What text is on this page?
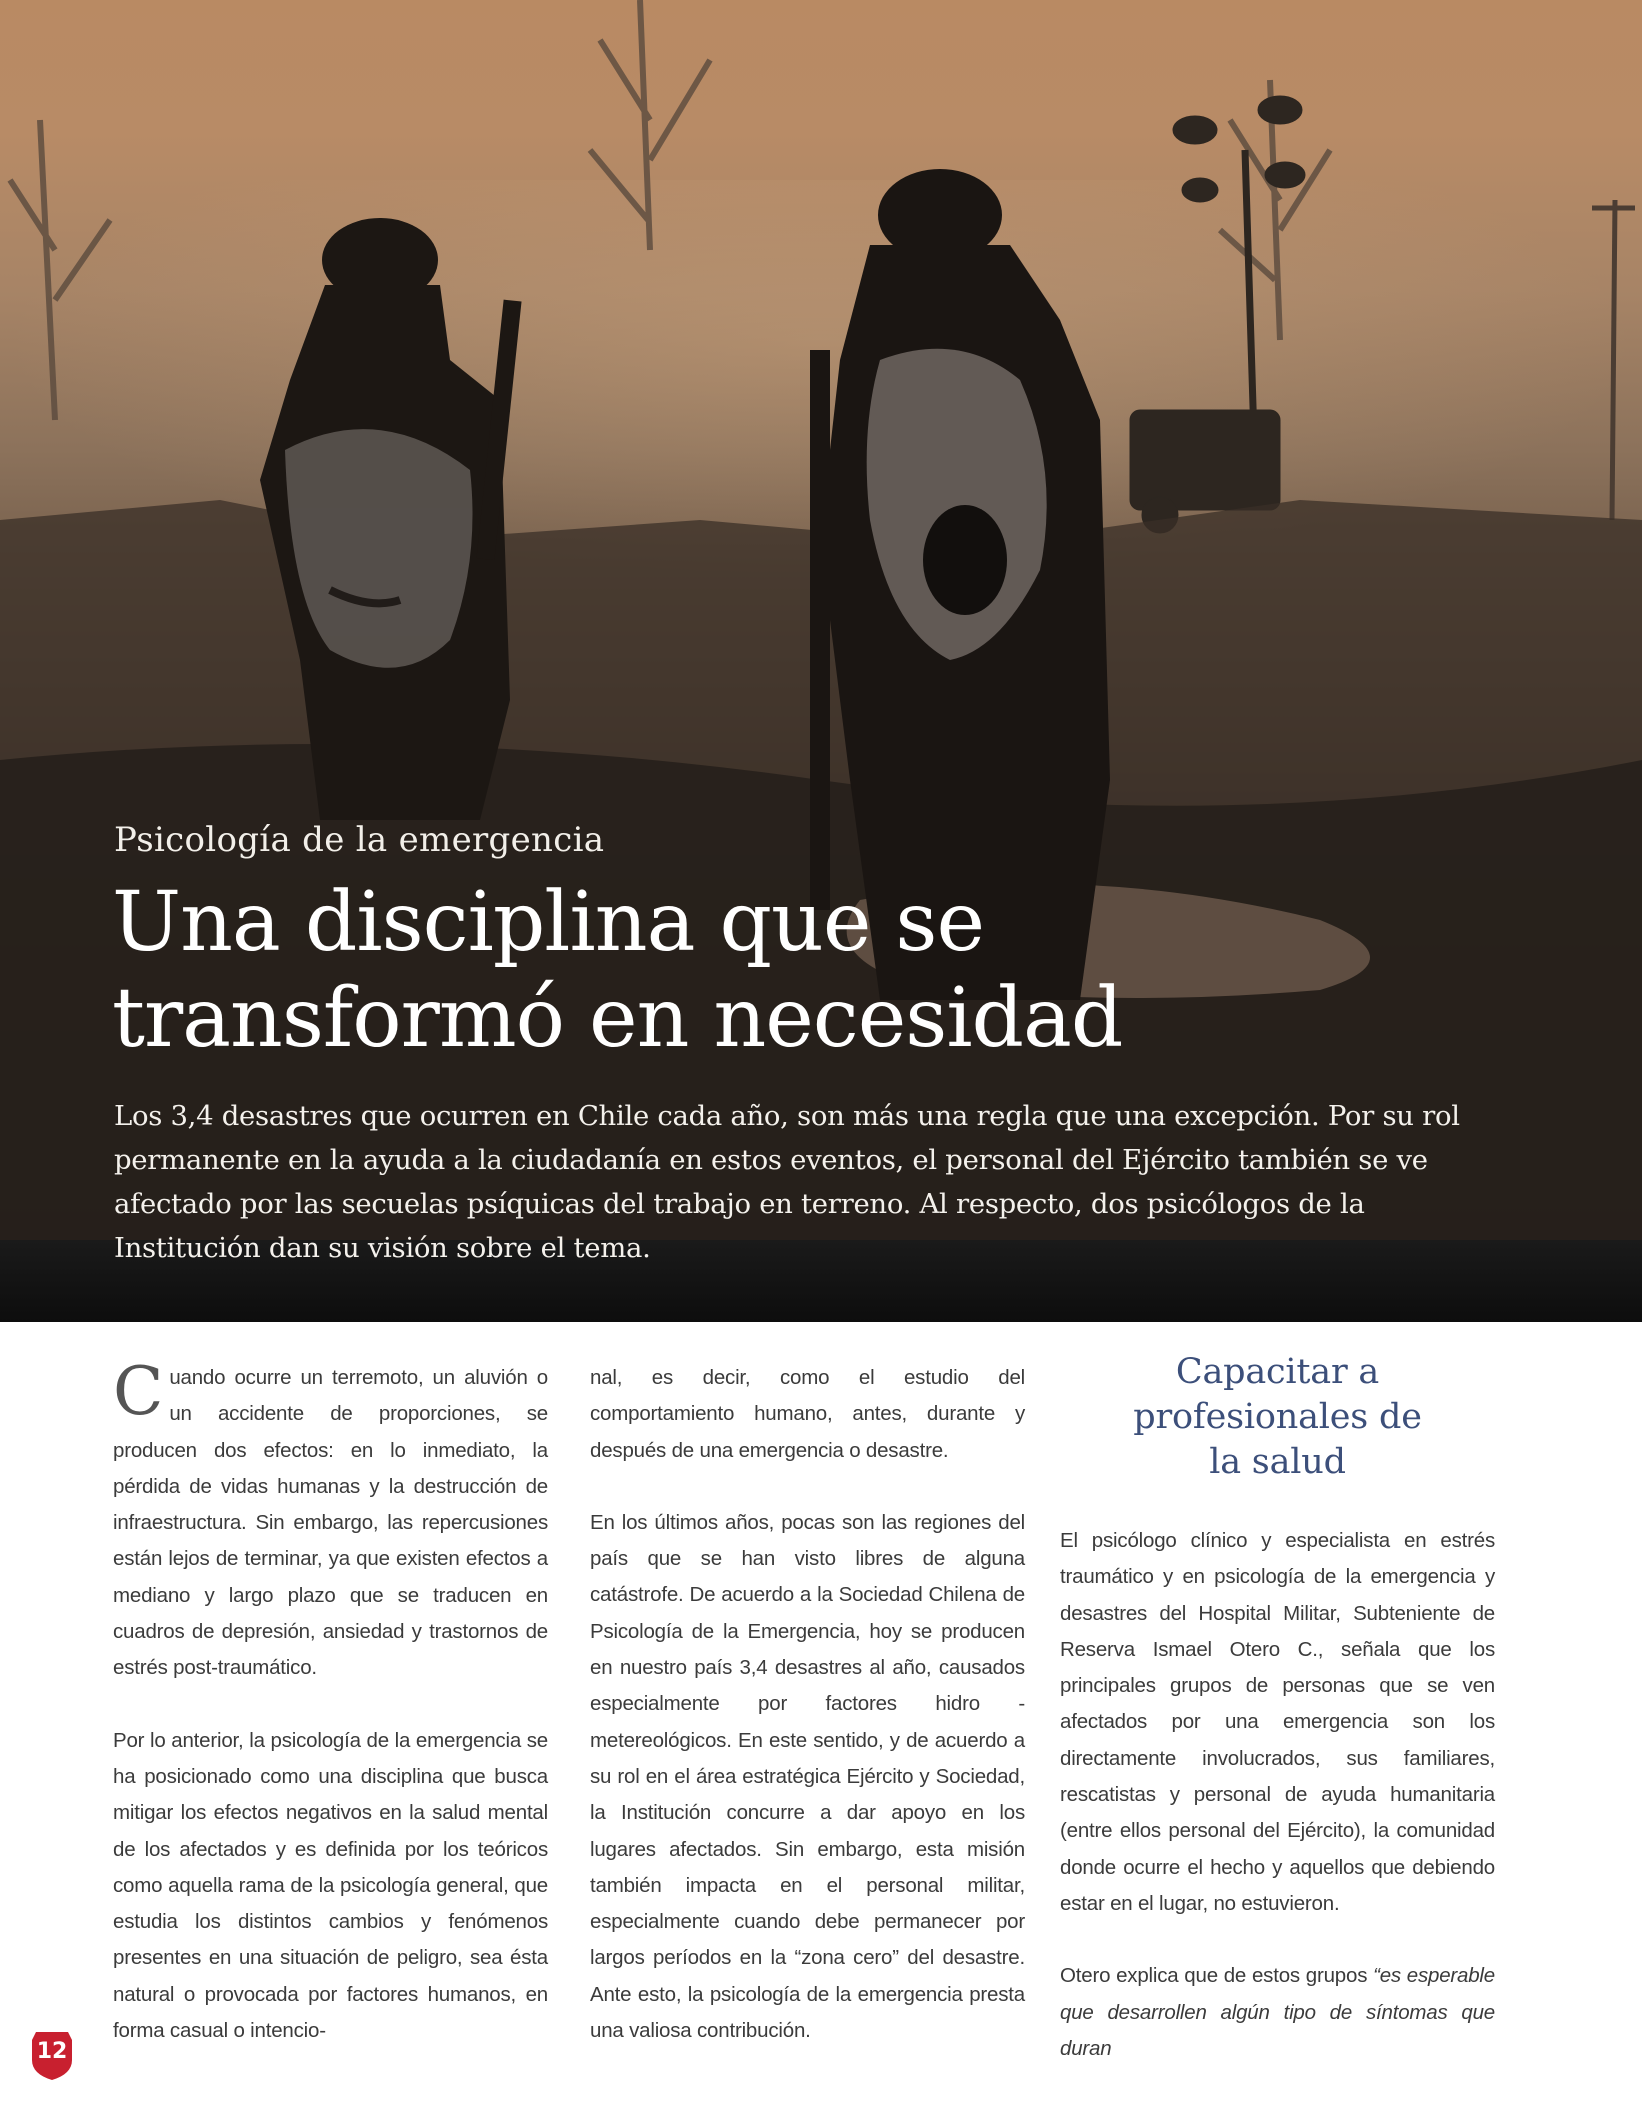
Psicología de la emergencia
Una disciplina que se
transformó en necesidad

Los 3,4 desastres que ocurren en Chile cada año, son más una regla que una excepción. Por su rol permanente en la ayuda a la ciudadanía en estos eventos, el personal del Ejército también se ve afectado por las secuelas psíquicas del trabajo en terreno. Al respecto, dos psicólogos de la Institución dan su visión sobre el tema.

Cuando ocurre un terremoto, un aluvión o un accidente de proporciones, se producen dos efectos: en lo inmediato, la pérdida de vidas humanas y la destrucción de infraestructura. Sin embargo, las repercusiones están lejos de terminar, ya que existen efectos a mediano y largo plazo que se traducen en cuadros de depresión, ansiedad y trastornos de estrés post-traumático.

Por lo anterior, la psicología de la emergencia se ha posicionado como una disciplina que busca mitigar los efectos negativos en la salud mental de los afectados y es definida por los teóricos como aquella rama de la psicología general, que estudia los distintos cambios y fenómenos presentes en una situación de peligro, sea ésta natural o provocada por factores humanos, en forma casual o intencio-

nal, es decir, como el estudio del comportamiento humano, antes, durante y después de una emergencia o desastre.

En los últimos años, pocas son las regiones del país que se han visto libres de alguna catástrofe. De acuerdo a la Sociedad Chilena de Psicología de la Emergencia, hoy se producen en nuestro país 3,4 desastres al año, causados especialmente por factores hidro - metereológicos. En este sentido, y de acuerdo a su rol en el área estratégica Ejército y Sociedad, la Institución concurre a dar apoyo en los lugares afectados. Sin embargo, esta misión también impacta en el personal militar, especialmente cuando debe permanecer por largos períodos en la “zona cero” del desastre. Ante esto, la psicología de la emergencia presta una valiosa contribución.

Capacitar a
profesionales de
la salud

El psicólogo clínico y especialista en estrés traumático y en psicología de la emergencia y desastres del Hospital Militar, Subteniente de Reserva Ismael Otero C., señala que los principales grupos de personas que se ven afectados por una emergencia son los directamente involucrados, sus familiares, rescatistas y personal de ayuda humanitaria (entre ellos personal del Ejército), la comunidad donde ocurre el hecho y aquellos que debiendo estar en el lugar, no estuvieron.

Otero explica que de estos grupos “es esperable que desarrollen algún tipo de síntomas que duran

12
